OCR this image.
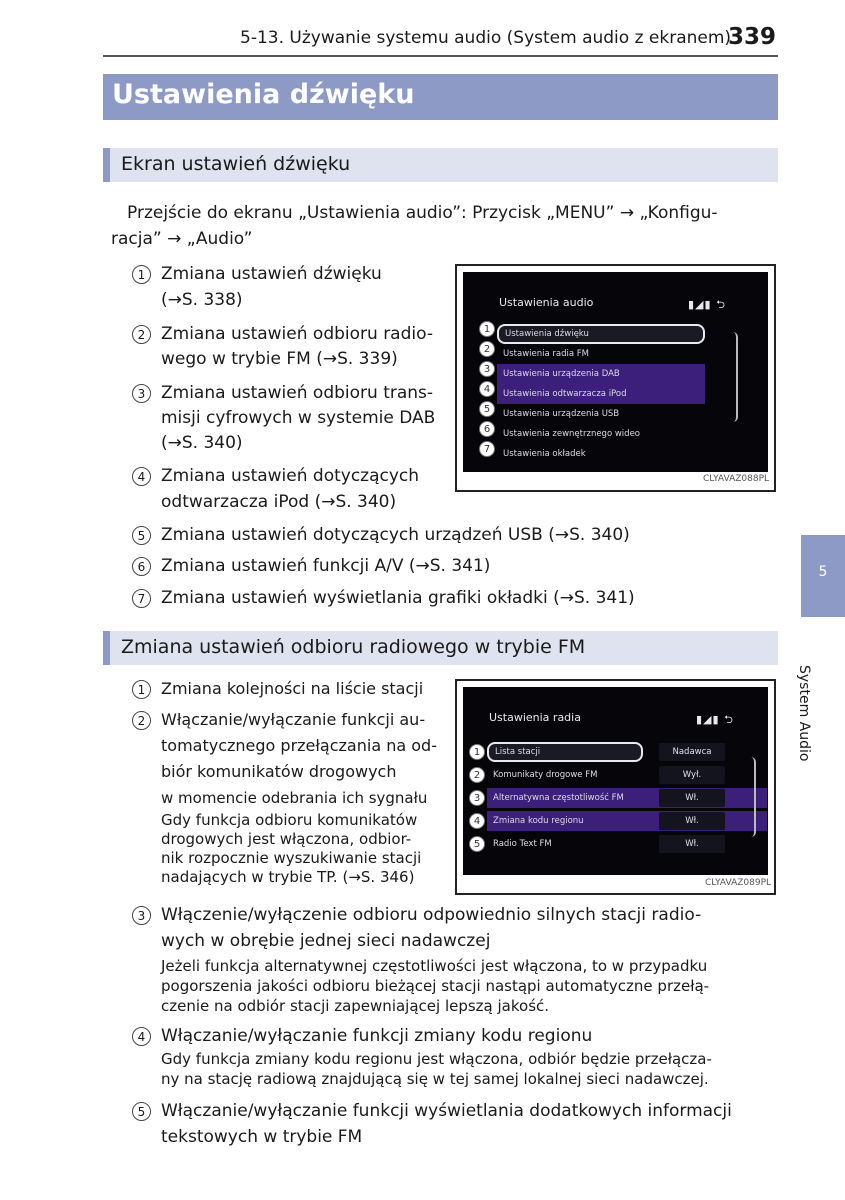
5-13. Używanie systemu audio (System audio z ekranem)
339
Ustawienia dźwięku
5
System Audio
Ekran ustawień dźwięku
Przejście do ekranu „Ustawienia audio”: Przycisk „MENU” → „Konfigu-
racja” → „Audio”
1 Zmiana ustawień dźwięku
(→S. 338)
2 Zmiana ustawień odbioru radio-
wego w trybie FM (→S. 339)
3 Zmiana ustawień odbioru trans-
misji cyfrowych w systemie DAB
(→S. 340)
4 Zmiana ustawień dotyczących
odtwarzacza iPod (→S. 340)
Ustawienia audio	▮◢▮ ⮌
Ustawienia dźwięku
Ustawienia radia FM
Ustawienia urządzenia DAB
Ustawienia odtwarzacza iPod
Ustawienia urządzenia USB
Ustawienia zewnętrznego wideo
Ustawienia okładek
1
2
3
4
5
6
7
CLYAVAZ088PL
5 Zmiana ustawień dotyczących urządzeń USB (→S. 340)
6 Zmiana ustawień funkcji A/V (→S. 341)
7 Zmiana ustawień wyświetlania grafiki okładki (→S. 341)
Zmiana ustawień odbioru radiowego w trybie FM
1 Zmiana kolejności na liście stacji
2 Włączanie/wyłączanie funkcji au-
tomatycznego przełączania na od-
biór komunikatów drogowych
w momencie odebrania ich sygnału
Gdy funkcja odbioru komunikatów
drogowych jest włączona, odbior-
nik rozpocznie wyszukiwanie stacji
nadających w trybie TP. (→S. 346)
Ustawienia radia	▮◢▮ ⮌
Lista stacji
Komunikaty drogowe FM
Alternatywna częstotliwość FM
Zmiana kodu regionu
Radio Text FM
Nadawca
Wył.
Wł.
Wł.
Wł.
1
2
3
4
5
CLYAVAZ089PL
3 Włączenie/wyłączenie odbioru odpowiednio silnych stacji radio-
wych w obrębie jednej sieci nadawczej
Jeżeli funkcja alternatywnej częstotliwości jest włączona, to w przypadku
pogorszenia jakości odbioru bieżącej stacji nastąpi automatyczne przełą-
czenie na odbiór stacji zapewniającej lepszą jakość.
4 Włączanie/wyłączanie funkcji zmiany kodu regionu
Gdy funkcja zmiany kodu regionu jest włączona, odbiór będzie przełącza-
ny na stację radiową znajdującą się w tej samej lokalnej sieci nadawczej.
5 Włączanie/wyłączanie funkcji wyświetlania dodatkowych informacji
tekstowych w trybie FM
